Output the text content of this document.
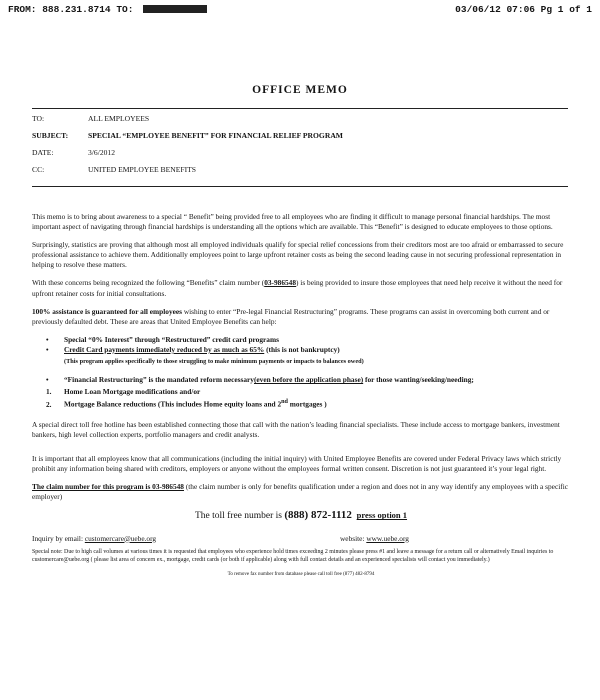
FROM: 888.231.8714 TO:	03/06/12 07:06 Pg 1 of 1
OFFICE MEMO
TO:	ALL EMPLOYEES
SUBJECT:	SPECIAL “EMPLOYEE BENEFIT” FOR FINANCIAL RELIEF PROGRAM
DATE:	3/6/2012
CC:	UNITED EMPLOYEE BENEFITS

This memo is to bring about awareness to a special “ Benefit” being provided free to all employees who are finding it difficult to manage personal financial hardships. The most important aspect of navigating through financial hardships is understanding all the options which are available. This “Benefit” is designed to educate employees to those options.

Surprisingly, statistics are proving that although most all employed individuals qualify for special relief concessions from their creditors most are too afraid or embarrassed to secure professional assistance to achieve them. Additionally employees point to large upfront retainer costs as being the second leading cause in not securing professional representation in helping to resolve these matters.

With these concerns being recognized the following “Benefits” claim number (03-986548) is being provided to insure those employees that need help receive it without the need for upfront retainer costs for initial consultations.

100% assistance is guaranteed for all employees wishing to enter “Pre-legal Financial Restructuring” programs. These programs can assist in overcoming both current and or previously defaulted debt. These are areas that United Employee Benefits can help:

• Special “0% Interest” through “Restructured” credit card programs
• Credit Card payments immediately reduced by as much as 65% (this is not bankruptcy)
(This program applies specifically to those struggling to make minimum payments or impacts to balances owed)
• “Financial Restructuring” is the mandated reform necessary(even before the application phase) for those wanting/seeking/needing;
1. Home Loan Mortgage modifications and/or
2. Mortgage Balance reductions (This includes Home equity loans and 2nd mortgages )

A special direct toll free hotline has been established connecting those that call with the nation’s leading financial specialists. These include access to mortgage bankers, investment bankers, high level collection experts, portfolio managers and credit analysts.

It is important that all employees know that all communications (including the initial inquiry) with United Employee Benefits are covered under Federal Privacy laws which strictly prohibit any information being shared with creditors, employers or anyone without the employees formal written consent. Discretion is not just guaranteed it’s your legal right.

The claim number for this program is 03-986548 (the claim number is only for benefits qualification under a region and does not in any way identify any employees with a specific employer)

The toll free number is (888) 872-1112 press option 1
Inquiry by email: customercare@uebe.org	website: www.uebe.org

Special note: Due to high call volumes at various times it is requested that employees who experience hold times exceeding 2 minutes please press #1 and leave a message for a return call or alternatively Email inquiries to customercare@uebe.org ( please list area of concern ex., mortgage, credit cards (or both if applicable) along with full contact details and an experienced specialists will contact you immediately.)

To remove fax number from database please call toll free (877) 482-8794
